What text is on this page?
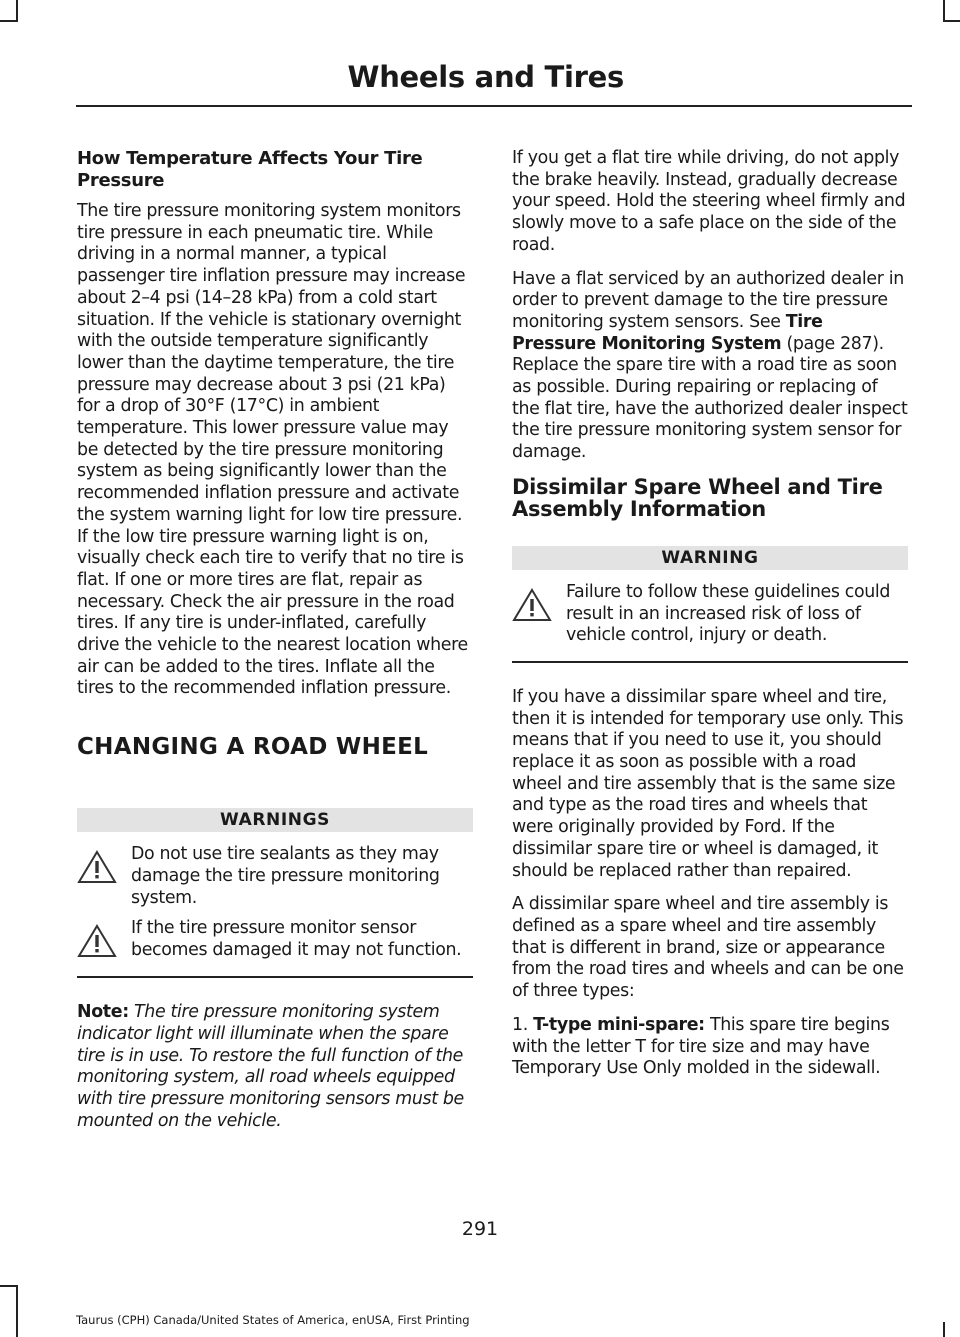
Wheels and Tires

How Temperature Affects Your Tire Pressure

The tire pressure monitoring system monitors tire pressure in each pneumatic tire. While driving in a normal manner, a typical passenger tire inflation pressure may increase about 2–4 psi (14–28 kPa) from a cold start situation. If the vehicle is stationary overnight with the outside temperature significantly lower than the daytime temperature, the tire pressure may decrease about 3 psi (21 kPa) for a drop of 30°F (17°C) in ambient temperature. This lower pressure value may be detected by the tire pressure monitoring system as being significantly lower than the recommended inflation pressure and activate the system warning light for low tire pressure. If the low tire pressure warning light is on, visually check each tire to verify that no tire is flat. If one or more tires are flat, repair as necessary. Check the air pressure in the road tires. If any tire is under-inflated, carefully drive the vehicle to the nearest location where air can be added to the tires. Inflate all the tires to the recommended inflation pressure.

CHANGING A ROAD WHEEL
WARNINGS

Do not use tire sealants as they may damage the tire pressure monitoring system.

If the tire pressure monitor sensor becomes damaged it may not function.

Note: The tire pressure monitoring system indicator light will illuminate when the spare tire is in use. To restore the full function of the monitoring system, all road wheels equipped with tire pressure monitoring sensors must be mounted on the vehicle.

If you get a flat tire while driving, do not apply the brake heavily. Instead, gradually decrease your speed. Hold the steering wheel firmly and slowly move to a safe place on the side of the road.

Have a flat serviced by an authorized dealer in order to prevent damage to the tire pressure monitoring system sensors. See Tire Pressure Monitoring System (page 287). Replace the spare tire with a road tire as soon as possible. During repairing or replacing of the flat tire, have the authorized dealer inspect the tire pressure monitoring system sensor for damage.

Dissimilar Spare Wheel and Tire Assembly Information
WARNING

Failure to follow these guidelines could result in an increased risk of loss of vehicle control, injury or death.

If you have a dissimilar spare wheel and tire, then it is intended for temporary use only. This means that if you need to use it, you should replace it as soon as possible with a road wheel and tire assembly that is the same size and type as the road tires and wheels that were originally provided by Ford. If the dissimilar spare tire or wheel is damaged, it should be replaced rather than repaired.

A dissimilar spare wheel and tire assembly is defined as a spare wheel and tire assembly that is different in brand, size or appearance from the road tires and wheels and can be one of three types:

1. T-type mini-spare: This spare tire begins with the letter T for tire size and may have Temporary Use Only molded in the sidewall.

291
Taurus (CPH) Canada/United States of America, enUSA, First Printing
